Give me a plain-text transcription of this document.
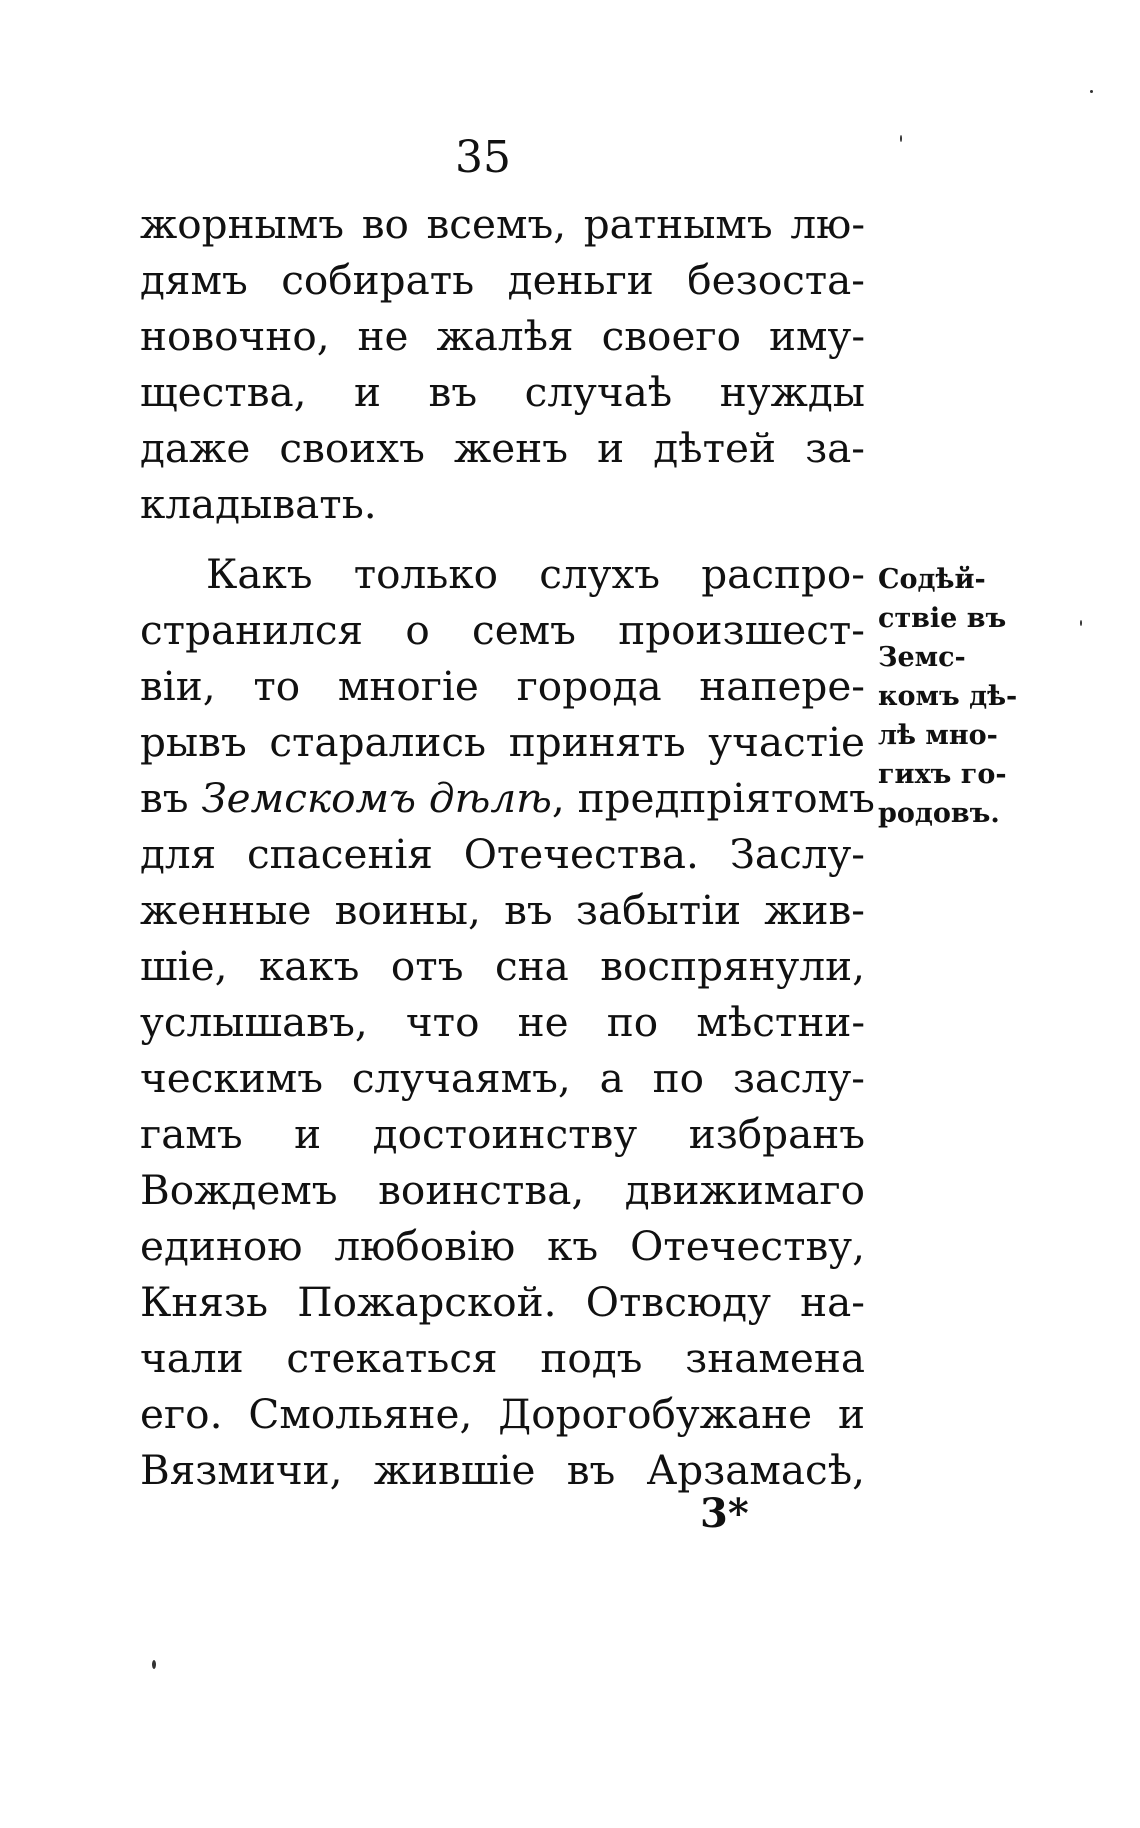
35
жорнымъ во всемъ, ратнымъ лю-
дямъ собирать деньги безоста-
новочно, не жалѣя своего иму-
щества, и въ случаѣ нужды
даже своихъ женъ и дѣтей за-
кладывать.
Какъ только слухъ распро-
странился о семъ произшест-
віи, то многіе города напере-
рывъ старались принять участіе
въ Земскомъ дѣлѣ, предпріятомъ
для спасенія Отечества. Заслу-
женные воины, въ забытіи жив-
шіе, какъ отъ сна воспрянули,
услышавъ, что не по мѣстни-
ческимъ случаямъ, а по заслу-
гамъ и достоинству избранъ
Вождемъ воинства, движимаго
единою любовію къ Отечеству,
Князь Пожарской. Отвсюду на-
чали стекаться подъ знамена
его. Смольяне, Дорогобужане и
Вязмичи, жившіе въ Арзамасѣ,
Содѣй-
ствіе въ
Земс-
комъ дѣ-
лѣ мно-
гихъ го-
родовъ.
3*
